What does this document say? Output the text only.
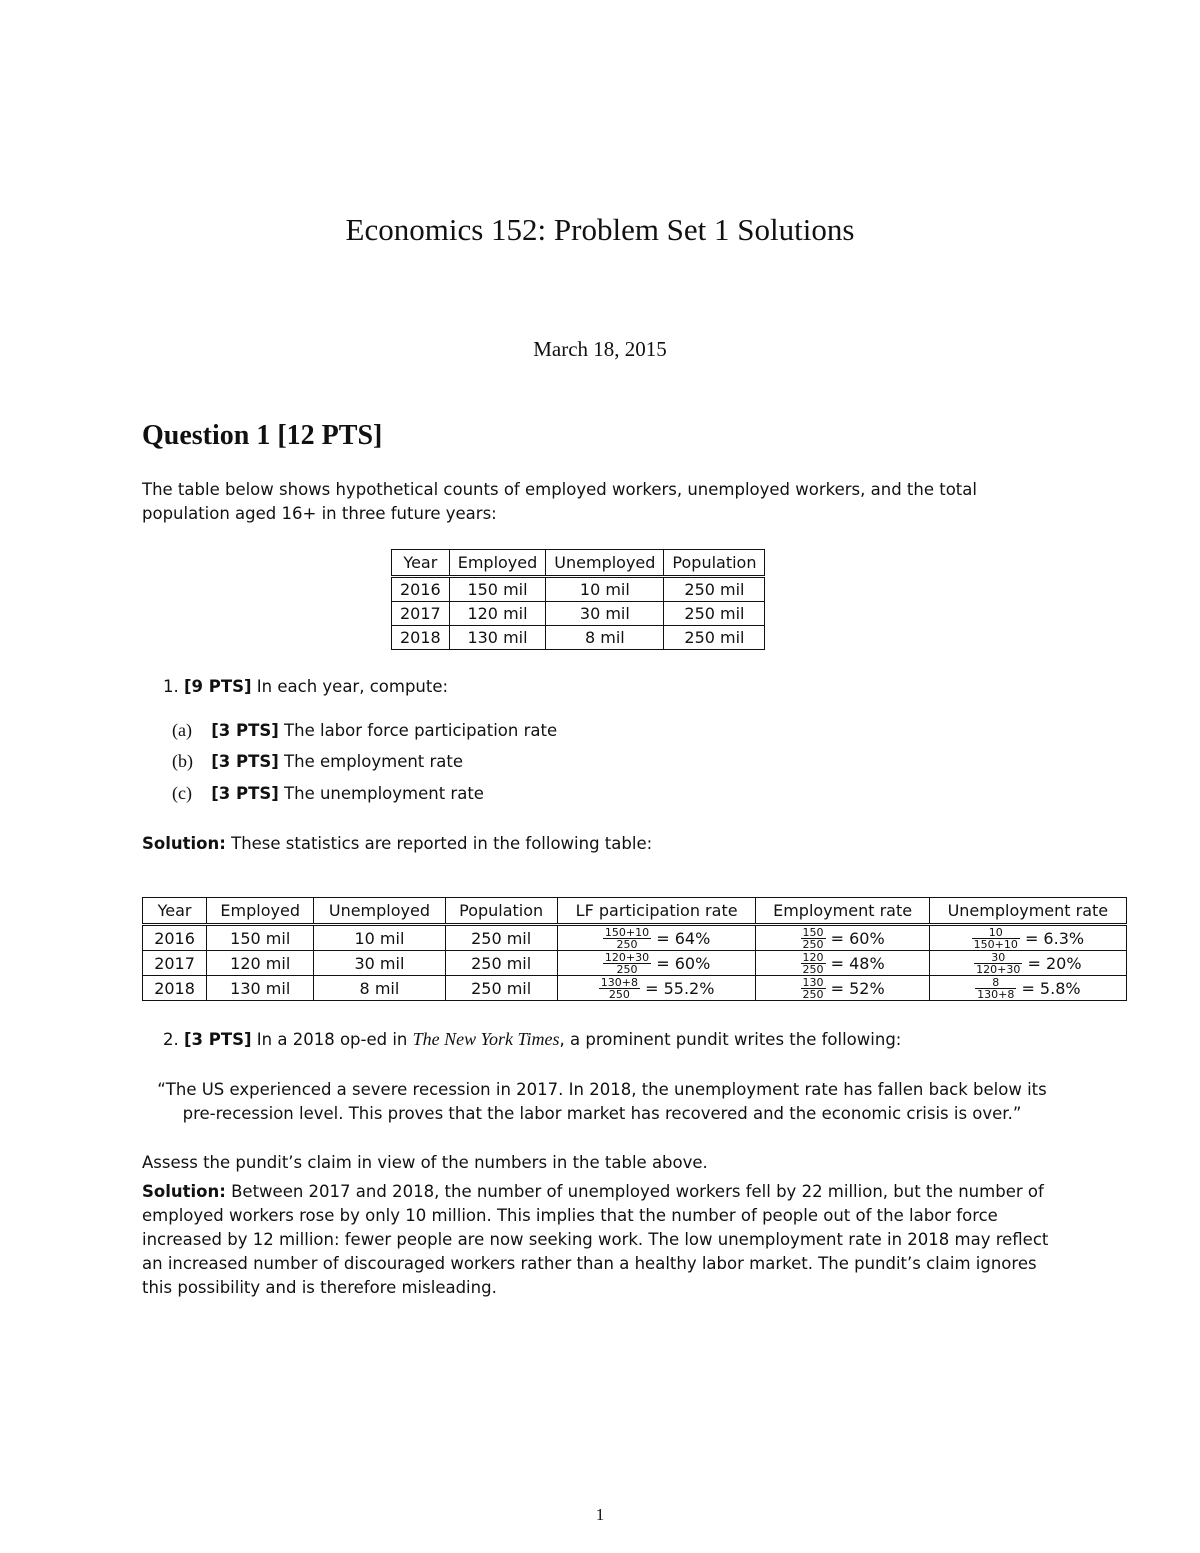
Economics 152: Problem Set 1 Solutions
March 18, 2015
Question 1 [12 PTS]
The table below shows hypothetical counts of employed workers, unemployed workers, and the total population aged 16+ in three future years:
Year	Employed	Unemployed	Population
2016	150 mil	10 mil	250 mil
2017	120 mil	30 mil	250 mil
2018	130 mil	8 mil	250 mil
1. [9 PTS] In each year, compute:
(a) [3 PTS] The labor force participation rate
(b) [3 PTS] The employment rate
(c) [3 PTS] The unemployment rate
Solution: These statistics are reported in the following table:
Year	Employed	Unemployed	Population	LF participation rate	Employment rate	Unemployment rate
2016	150 mil	10 mil	250 mil	$\frac{150+10}{250} = 64\%$	$\frac{150}{250} = 60\%$	$\frac{10}{150+10} = 6.3\%$
2017	120 mil	30 mil	250 mil	$\frac{120+30}{250} = 60\%$	$\frac{120}{250} = 48\%$	$\frac{30}{120+30} = 20\%$
2018	130 mil	8 mil	250 mil	$\frac{130+8}{250} = 55.2\%$	$\frac{130}{250} = 52\%$	$\frac{8}{130+8} = 5.8\%$
2. [3 PTS] In a 2018 op-ed in The New York Times, a prominent pundit writes the following:
“The US experienced a severe recession in 2017. In 2018, the unemployment rate has fallen back below its pre-recession level. This proves that the labor market has recovered and the economic crisis is over.”
Assess the pundit’s claim in view of the numbers in the table above.
Solution: Between 2017 and 2018, the number of unemployed workers fell by 22 million, but the number of employed workers rose by only 10 million. This implies that the number of people out of the labor force increased by 12 million: fewer people are now seeking work. The low unemployment rate in 2018 may reflect an increased number of discouraged workers rather than a healthy labor market. The pundit’s claim ignores this possibility and is therefore misleading.
1
